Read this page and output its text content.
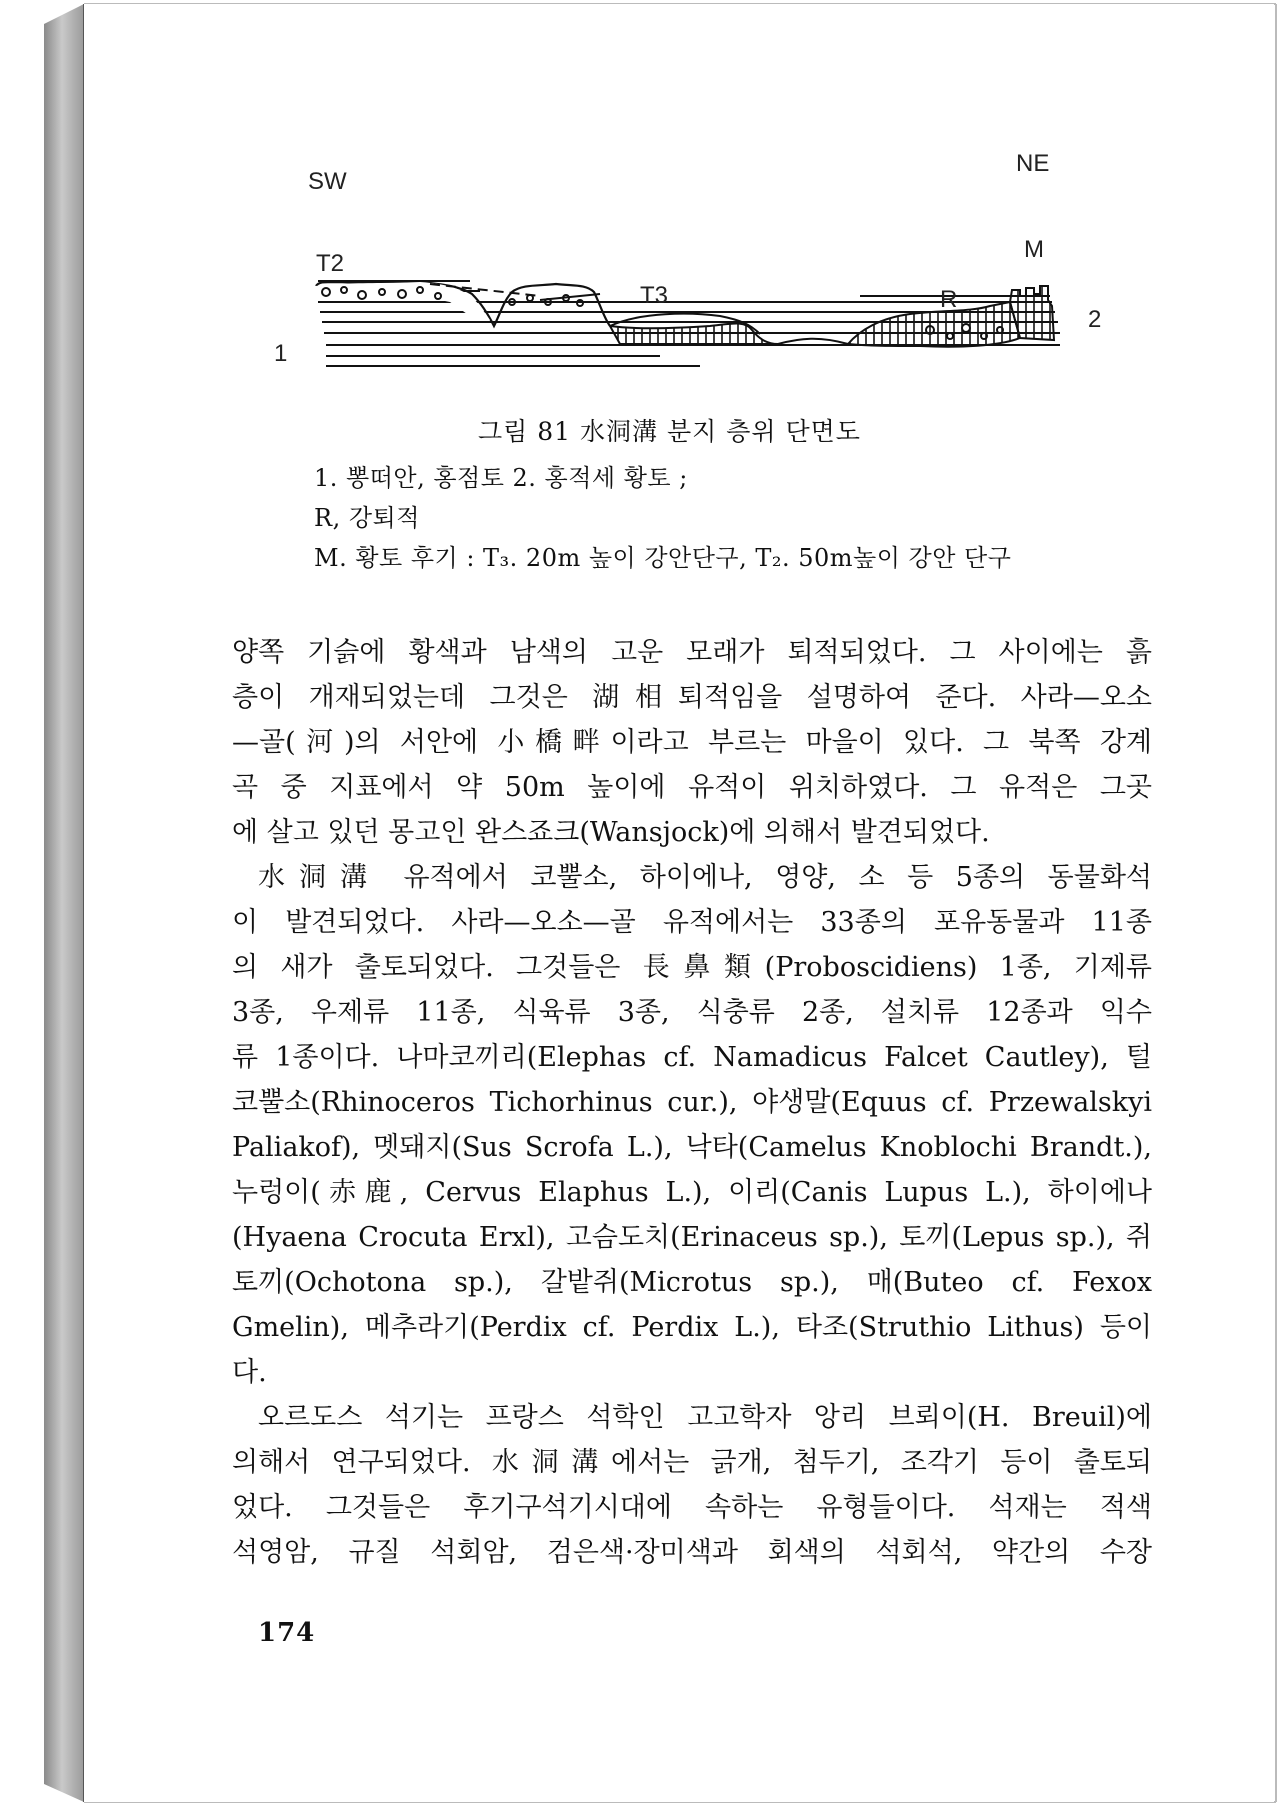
SW
NE
T2
T3
M
R
1
2
그림 81 水洞溝 분지 층위 단면도
1. 뽕떠안, 홍점토 2. 홍적세 황토 ;
R, 강퇴적
M. 황토 후기 : T₃. 20m 높이 강안단구, T₂. 50m높이 강안 단구
양쪽 기슭에 황색과 남색의 고운 모래가 퇴적되었다. 그 사이에는 흙
층이 개재되었는데 그것은 湖相퇴적임을 설명하여 준다. 사라—오소
—골(河)의 서안에 小橋畔이라고 부르는 마을이 있다. 그 북쪽 강계
곡 중 지표에서 약 50m 높이에 유적이 위치하였다. 그 유적은 그곳
에 살고 있던 몽고인 완스죠크(Wansjock)에 의해서 발견되었다.
水洞溝 유적에서 코뿔소, 하이에나, 영양, 소 등 5종의 동물화석
이 발견되었다. 사라—오소—골 유적에서는 33종의 포유동물과 11종
의 새가 출토되었다. 그것들은 長鼻類(Proboscidiens) 1종, 기제류
3종, 우제류 11종, 식육류 3종, 식충류 2종, 설치류 12종과 익수
류 1종이다. 나마코끼리(Elephas cf. Namadicus Falcet Cautley), 털
코뿔소(Rhinoceros Tichorhinus cur.), 야생말(Equus cf. Przewalskyi
Paliakof), 멧돼지(Sus Scrofa L.), 낙타(Camelus Knoblochi Brandt.),
누렁이(赤鹿, Cervus Elaphus L.), 이리(Canis Lupus L.), 하이에나
(Hyaena Crocuta Erxl), 고슴도치(Erinaceus sp.), 토끼(Lepus sp.), 쥐
토끼(Ochotona sp.), 갈밭쥐(Microtus sp.), 매(Buteo cf. Fexox
Gmelin), 메추라기(Perdix cf. Perdix L.), 타조(Struthio Lithus) 등이
다.
오르도스 석기는 프랑스 석학인 고고학자 앙리 브뢰이(H. Breuil)에
의해서 연구되었다. 水洞溝에서는 긁개, 첨두기, 조각기 등이 출토되
었다. 그것들은 후기구석기시대에 속하는 유형들이다. 석재는 적색
석영암, 규질 석회암, 검은색·장미색과 회색의 석회석, 약간의 수장
174
